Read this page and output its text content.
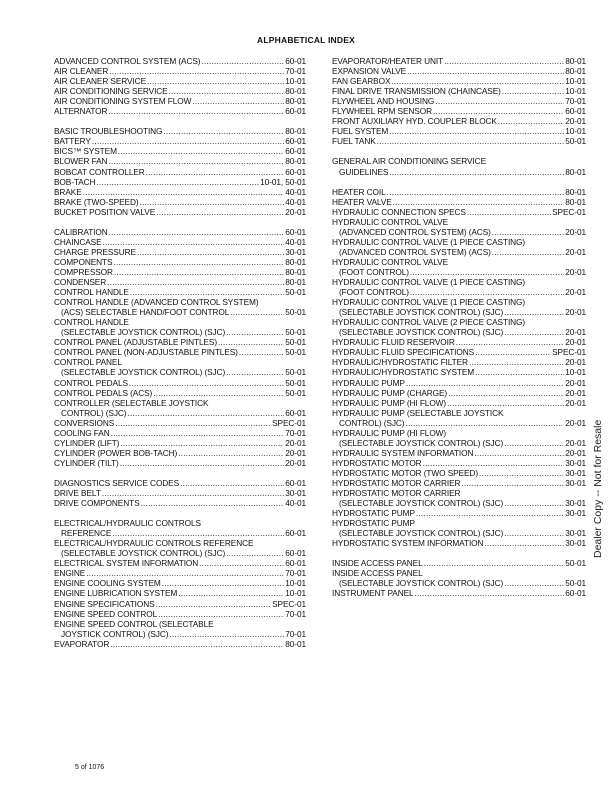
ALPHABETICAL INDEX
ADVANCED CONTROL SYSTEM (ACS) .....	60-01
AIR CLEANER .....	70-01
AIR CLEANER SERVICE .....	10-01
AIR CONDITIONING SERVICE .....	80-01
AIR CONDITIONING SYSTEM FLOW .....	80-01
ALTERNATOR .....	60-01
BASIC TROUBLESHOOTING .....	80-01
BATTERY .....	60-01
BICS™ SYSTEM .....	60-01
BLOWER FAN .....	80-01
BOBCAT CONTROLLER .....	60-01
BOB-TACH .....	10-01, 50-01
BRAKE .....	40-01
BRAKE (TWO-SPEED) .....	40-01
BUCKET POSITION VALVE .....	20-01
CALIBRATION .....	60-01
CHAINCASE .....	40-01
CHARGE PRESSURE .....	30-01
COMPONENTS .....	80-01
COMPRESSOR .....	80-01
CONDENSER .....	80-01
CONTROL HANDLE .....	50-01
CONTROL HANDLE (ADVANCED CONTROL SYSTEM)
(ACS) SELECTABLE HAND/FOOT CONTROL .....	50-01
CONTROL HANDLE
(SELECTABLE JOYSTICK CONTROL) (SJC) .....	50-01
CONTROL PANEL (ADJUSTABLE PINTLES) .....	50-01
CONTROL PANEL (NON-ADJUSTABLE PINTLES) .....	50-01
CONTROL PANEL
(SELECTABLE JOYSTICK CONTROL) (SJC) .....	50-01
CONTROL PEDALS .....	50-01
CONTROL PEDALS (ACS) .....	50-01
CONTROLLER (SELECTABLE JOYSTICK
CONTROL) (SJC) .....	60-01
CONVERSIONS .....	SPEC-01
COOLING FAN .....	70-01
CYLINDER (LIFT) .....	20-01
CYLINDER (POWER BOB-TACH) .....	20-01
CYLINDER (TILT) .....	20-01
DIAGNOSTICS SERVICE CODES .....	60-01
DRIVE BELT .....	30-01
DRIVE COMPONENTS .....	40-01
ELECTRICAL/HYDRAULIC CONTROLS
REFERENCE .....	60-01
ELECTRICAL/HYDRAULIC CONTROLS REFERENCE
(SELECTABLE JOYSTICK CONTROL) (SJC) .....	60-01
ELECTRICAL SYSTEM INFORMATION .....	60-01
ENGINE .....	70-01
ENGINE COOLING SYSTEM .....	10-01
ENGINE LUBRICATION SYSTEM .....	10-01
ENGINE SPECIFICATIONS .....	SPEC-01
ENGINE SPEED CONTROL .....	70-01
ENGINE SPEED CONTROL (SELECTABLE
JOYSTICK CONTROL) (SJC) .....	70-01
EVAPORATOR .....	80-01
EVAPORATOR/HEATER UNIT .....	80-01
EXPANSION VALVE .....	80-01
FAN GEARBOX .....	10-01
FINAL DRIVE TRANSMISSION (CHAINCASE) .....	10-01
FLYWHEEL AND HOUSING .....	70-01
FLYWHEEL RPM SENSOR .....	60-01
FRONT AUXILIARY HYD. COUPLER BLOCK .....	20-01
FUEL SYSTEM .....	10-01
FUEL TANK .....	50-01
GENERAL AIR CONDITIONING SERVICE
GUIDELINES .....	80-01
HEATER COIL .....	80-01
HEATER VALVE .....	80-01
HYDRAULIC CONNECTION SPECS .....	SPEC-01
HYDRAULIC CONTROL VALVE
(ADVANCED CONTROL SYSTEM) (ACS) .....	20-01
HYDRAULIC CONTROL VALVE (1 PIECE CASTING)
(ADVANCED CONTROL SYSTEM) (ACS) .....	20-01
HYDRAULIC CONTROL VALVE
(FOOT CONTROL) .....	20-01
HYDRAULIC CONTROL VALVE (1 PIECE CASTING)
(FOOT CONTROL) .....	20-01
HYDRAULIC CONTROL VALVE (1 PIECE CASTING)
(SELECTABLE JOYSTICK CONTROL) (SJC) .....	20-01
HYDRAULIC CONTROL VALVE (2 PIECE CASTING)
(SELECTABLE JOYSTICK CONTROL) (SJC) .....	20-01
HYDRAULIC FLUID RESERVOIR .....	20-01
HYDRAULIC FLUID SPECIFICATIONS .....	SPEC-01
HYDRAULIC/HYDROSTATIC FILTER .....	20-01
HYDRAULIC/HYDROSTATIC SYSTEM .....	10-01
HYDRAULIC PUMP .....	20-01
HYDRAULIC PUMP (CHARGE) .....	20-01
HYDRAULIC PUMP (HI FLOW) .....	20-01
HYDRAULIC PUMP (SELECTABLE JOYSTICK
CONTROL) (SJC) .....	20-01
HYDRAULIC PUMP (HI FLOW)
(SELECTABLE JOYSTICK CONTROL) (SJC) .....	20-01
HYDRAULIC SYSTEM INFORMATION .....	20-01
HYDROSTATIC MOTOR .....	30-01
HYDROSTATIC MOTOR (TWO SPEED) .....	30-01
HYDROSTATIC MOTOR CARRIER .....	30-01
HYDROSTATIC MOTOR CARRIER
(SELECTABLE JOYSTICK CONTROL) (SJC) .....	30-01
HYDROSTATIC PUMP .....	30-01
HYDROSTATIC PUMP
(SELECTABLE JOYSTICK CONTROL) (SJC) .....	30-01
HYDROSTATIC SYSTEM INFORMATION .....	30-01
INSIDE ACCESS PANEL .....	50-01
INSIDE ACCESS PANEL
(SELECTABLE JOYSTICK CONTROL) (SJC) .....	50-01
INSTRUMENT PANEL .....	60-01
5 of 1076
Dealer Copy -- Not for Resale
